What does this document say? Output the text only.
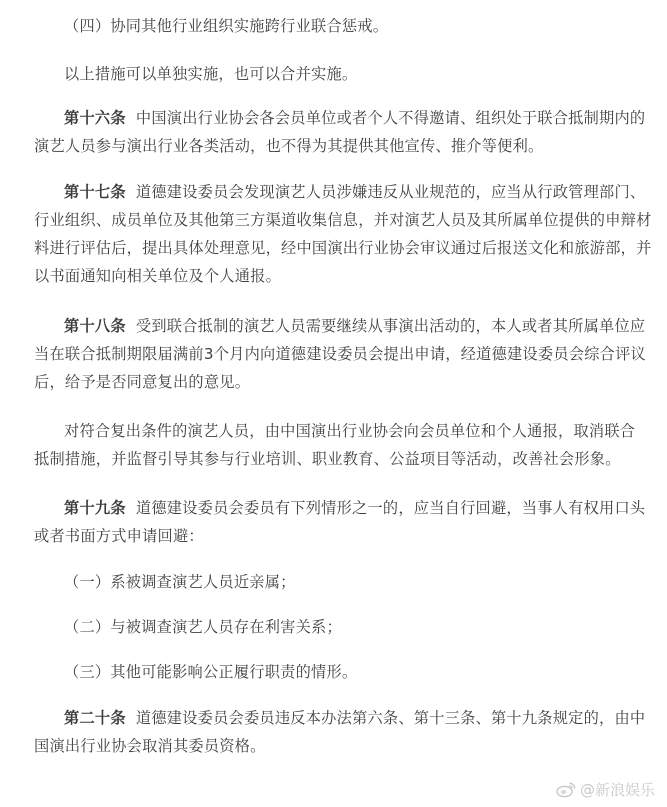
（四）协同其他行业组织实施跨行业联合惩戒。

以上措施可以单独实施，也可以合并实施。

第十六条 中国演出行业协会各会员单位或者个人不得邀请、组织处于联合抵制期内的
演艺人员参与演出行业各类活动，也不得为其提供其他宣传、推介等便利。

第十七条 道德建设委员会发现演艺人员涉嫌违反从业规范的，应当从行政管理部门、
行业组织、成员单位及其他第三方渠道收集信息，并对演艺人员及其所属单位提供的申辩材
料进行评估后，提出具体处理意见，经中国演出行业协会审议通过后报送文化和旅游部，并
以书面通知向相关单位及个人通报。

第十八条 受到联合抵制的演艺人员需要继续从事演出活动的，本人或者其所属单位应
当在联合抵制期限届满前3个月内向道德建设委员会提出申请，经道德建设委员会综合评议
后，给予是否同意复出的意见。

对符合复出条件的演艺人员，由中国演出行业协会向会员单位和个人通报，取消联合
抵制措施，并监督引导其参与行业培训、职业教育、公益项目等活动，改善社会形象。

第十九条 道德建设委员会委员有下列情形之一的，应当自行回避，当事人有权用口头
或者书面方式申请回避：

（一）系被调查演艺人员近亲属；

（二）与被调查演艺人员存在利害关系；

（三）其他可能影响公正履行职责的情形。

第二十条 道德建设委员会委员违反本办法第六条、第十三条、第十九条规定的，由中
国演出行业协会取消其委员资格。

@新浪娱乐
